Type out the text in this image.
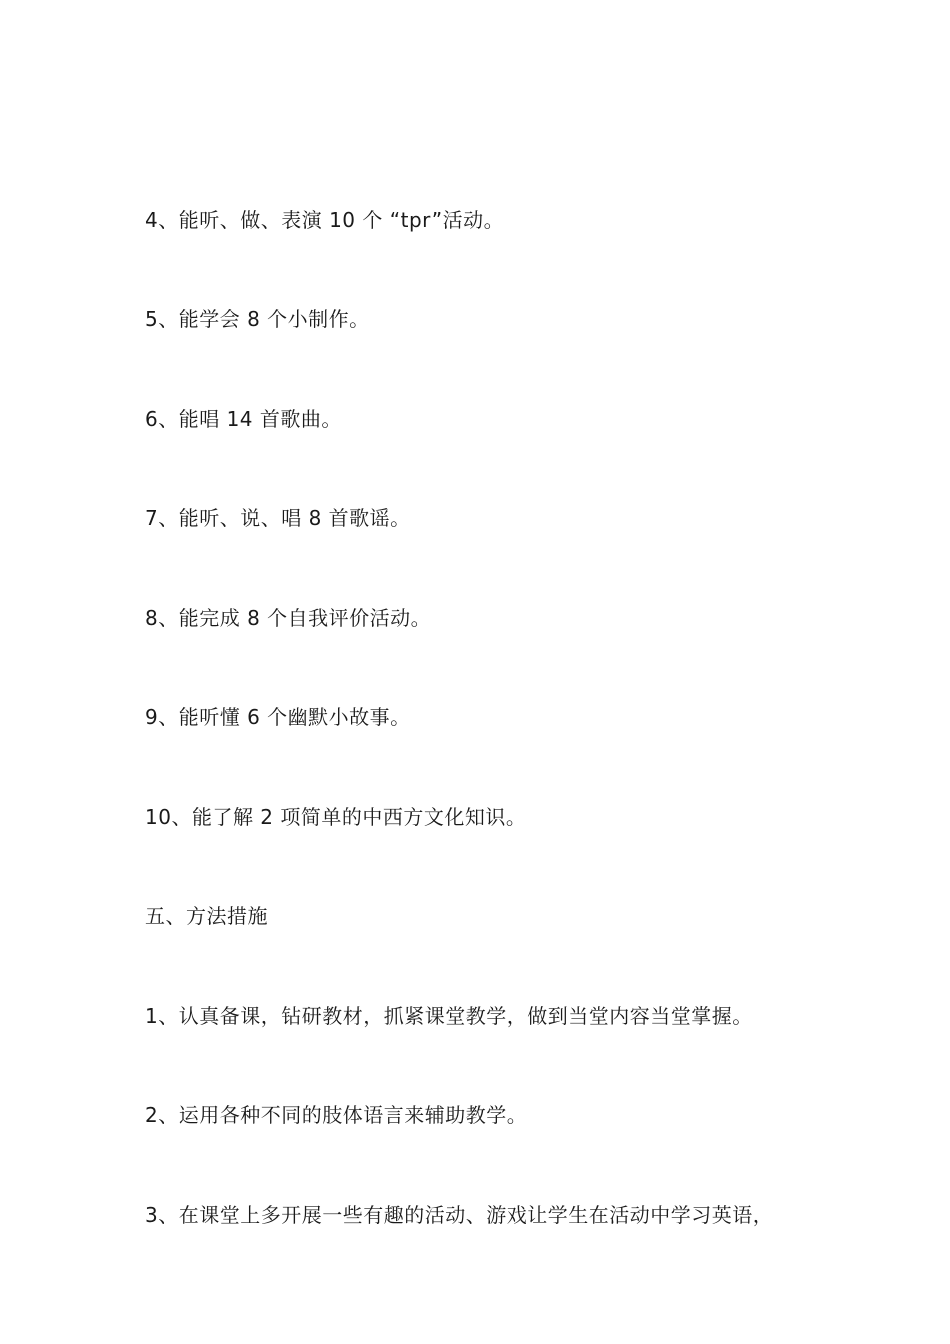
4、能听、做、表演 10 个 “tpr”活动。

5、能学会 8 个小制作。

6、能唱 14 首歌曲。

7、能听、说、唱 8 首歌谣。

8、能完成 8 个自我评价活动。

9、能听懂 6 个幽默小故事。

10、能了解 2 项简单的中西方文化知识。

五、方法措施

1、认真备课，钻研教材，抓紧课堂教学，做到当堂内容当堂掌握。

2、运用各种不同的肢体语言来辅助教学。

3、在课堂上多开展一些有趣的活动、游戏让学生在活动中学习英语，
